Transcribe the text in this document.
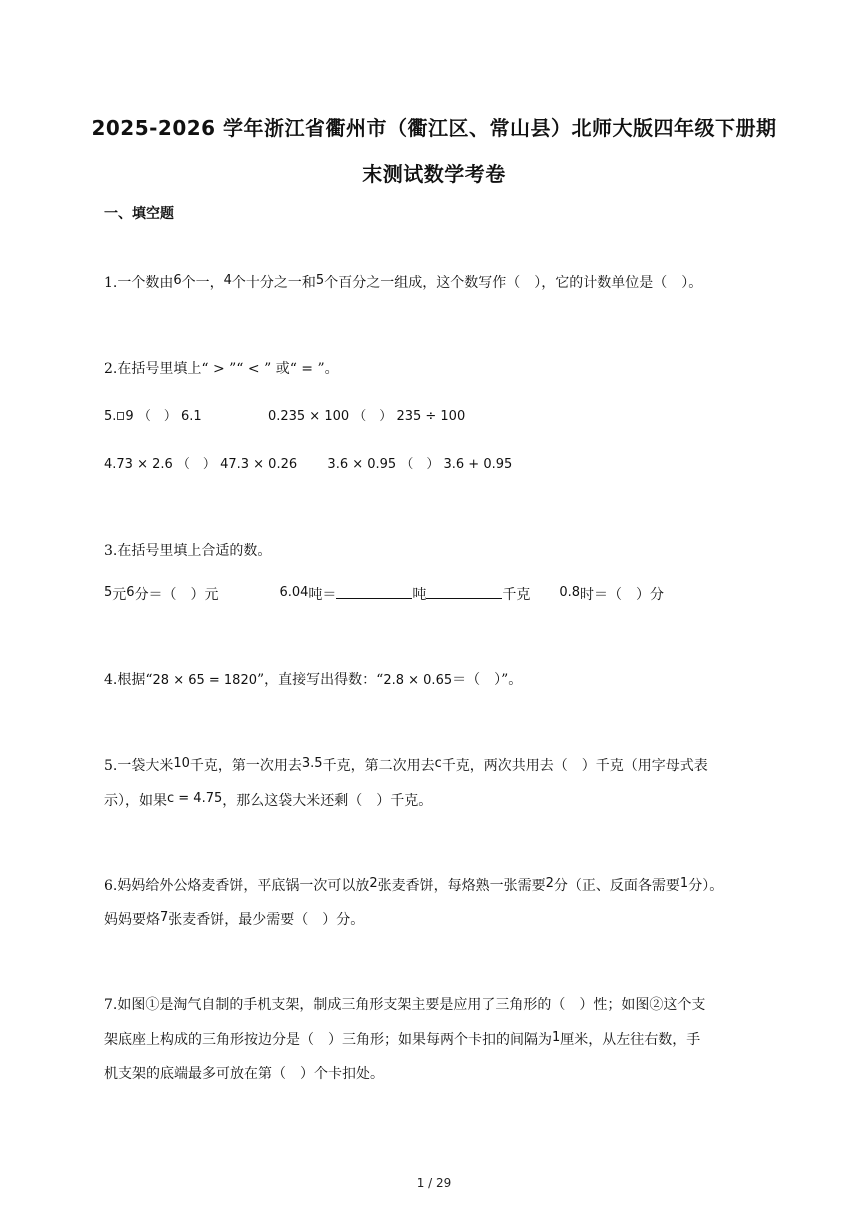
2025-2026 学年浙江省衢州市（衢江区、常山县）北师大版四年级下册期
末测试数学考卷
一、填空题
1.一个数由6个一，4个十分之一和5个百分之一组成，这个数写作（　），它的计数单位是（　）。
2.在括号里填上“ > ”“ < ” 或“ = ”。
5. 9 （　） 6.1	0.235 × 100 （　） 235 ÷ 100
4.73 × 2.6 （　） 47.3 × 0.26 3.6 × 0.95 （　） 3.6 + 0.95
3.在括号里填上合适的数。
5元6分＝（　）元	6.04吨＝	吨	千克 0.8时＝（　）分
4.根据“28 × 65 = 1820”，直接写出得数：“2.8 × 0.65＝（　）”。
5.一袋大米10千克，第一次用去3.5千克，第二次用去c千克，两次共用去（　）千克（用字母式表
示），如果c = 4.75，那么这袋大米还剩（　）千克。
6.妈妈给外公烙麦香饼，平底锅一次可以放2张麦香饼，每烙熟一张需要2分（正、反面各需要1分）。
妈妈要烙7张麦香饼，最少需要（　）分。
7.如图①是淘气自制的手机支架，制成三角形支架主要是应用了三角形的（　）性；如图②这个支
架底座上构成的三角形按边分是（　）三角形；如果每两个卡扣的间隔为1厘米，从左往右数，手
机支架的底端最多可放在第（　）个卡扣处。
1 / 29
